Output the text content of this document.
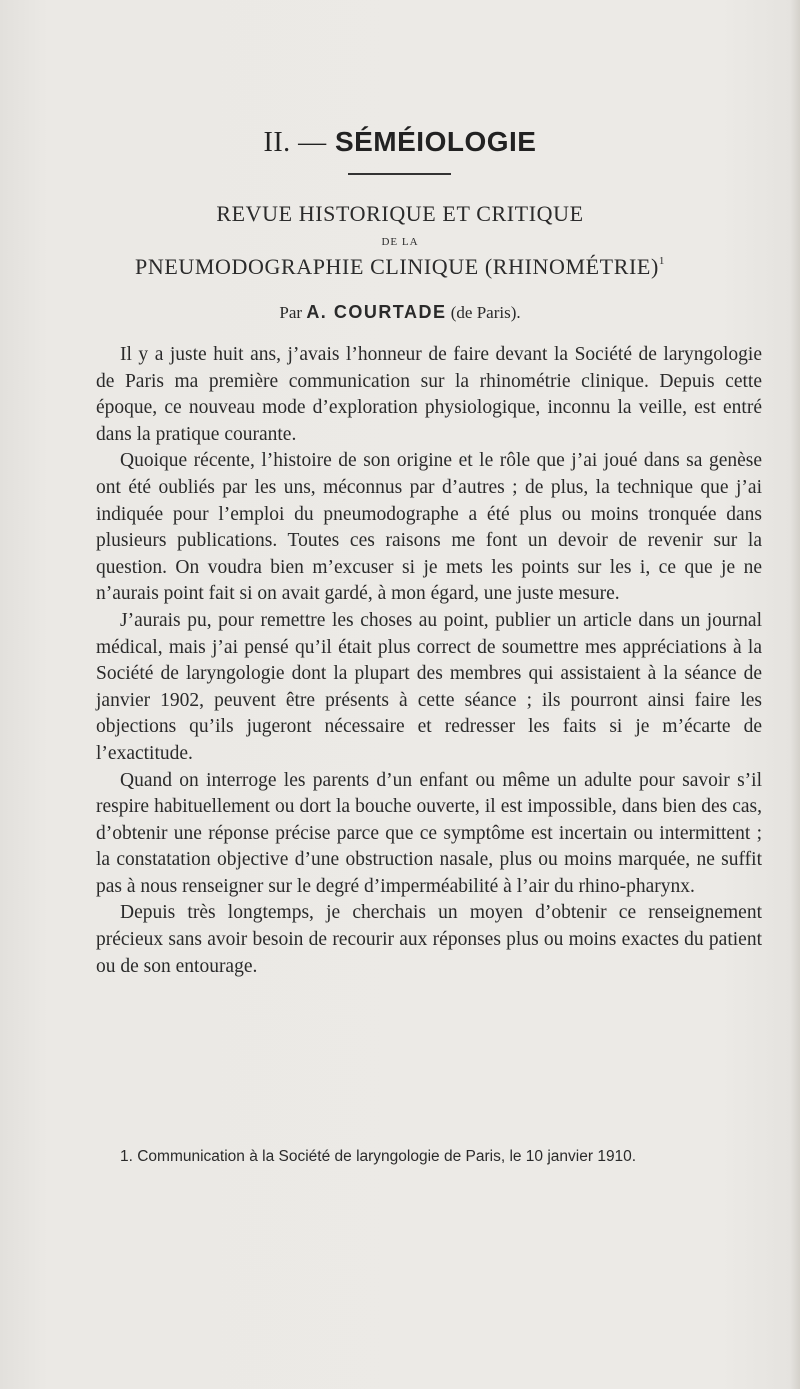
II. — SÉMÉIOLOGIE
REVUE HISTORIQUE ET CRITIQUE
DE LA
PNEUMODOGRAPHIE CLINIQUE (RHINOMÉTRIE)$^1$
Par A. COURTADE (de Paris).

Il y a juste huit ans, j’avais l’honneur de faire devant la Société de laryngologie de Paris ma première communication sur la rhinométrie clinique. Depuis cette époque, ce nouveau mode d’exploration physiologique, inconnu la veille, est entré dans la pratique courante.

Quoique récente, l’histoire de son origine et le rôle que j’ai joué dans sa genèse ont été oubliés par les uns, méconnus par d’autres ; de plus, la technique que j’ai indiquée pour l’emploi du pneumodographe a été plus ou moins tronquée dans plusieurs publications. Toutes ces raisons me font un devoir de revenir sur la question. On voudra bien m’excuser si je mets les points sur les i, ce que je ne n’aurais point fait si on avait gardé, à mon égard, une juste mesure.

J’aurais pu, pour remettre les choses au point, publier un article dans un journal médical, mais j’ai pensé qu’il était plus correct de soumettre mes appréciations à la Société de laryngologie dont la plupart des membres qui assistaient à la séance de janvier 1902, peuvent être présents à cette séance ; ils pourront ainsi faire les objections qu’ils jugeront nécessaire et redresser les faits si je m’écarte de l’exactitude.

Quand on interroge les parents d’un enfant ou même un adulte pour savoir s’il respire habituellement ou dort la bouche ouverte, il est impossible, dans bien des cas, d’obtenir une réponse précise parce que ce symptôme est incertain ou intermittent ; la constatation objective d’une obstruction nasale, plus ou moins marquée, ne suffit pas à nous renseigner sur le degré d’imperméabilité à l’air du rhino-pharynx.

Depuis très longtemps, je cherchais un moyen d’obtenir ce renseignement précieux sans avoir besoin de recourir aux réponses plus ou moins exactes du patient ou de son entourage.

1. Communication à la Société de laryngologie de Paris, le 10 janvier 1910.
